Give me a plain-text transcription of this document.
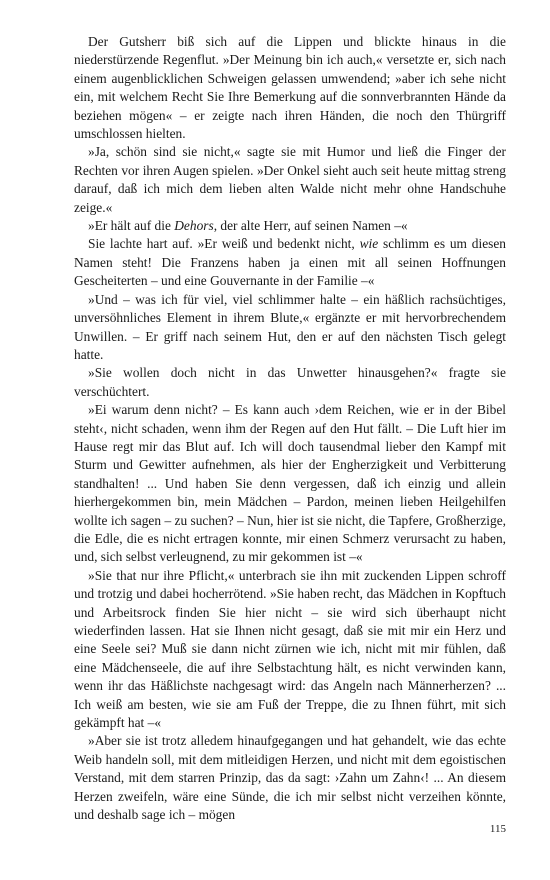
Der Gutsherr biß sich auf die Lippen und blickte hinaus in die niederstürzende Regenflut. »Der Meinung bin ich auch,« versetzte er, sich nach einem augenblicklichen Schweigen gelassen umwendend; »aber ich sehe nicht ein, mit welchem Recht Sie Ihre Bemerkung auf die sonnverbrannten Hände da beziehen mögen« – er zeigte nach ihren Händen, die noch den Thürgriff umschlossen hielten.

»Ja, schön sind sie nicht,« sagte sie mit Humor und ließ die Finger der Rechten vor ihren Augen spielen. »Der Onkel sieht auch seit heute mittag streng darauf, daß ich mich dem lieben alten Walde nicht mehr ohne Handschuhe zeige.«

»Er hält auf die Dehors, der alte Herr, auf seinen Namen –«

Sie lachte hart auf. »Er weiß und bedenkt nicht, wie schlimm es um diesen Namen steht! Die Franzens haben ja einen mit all seinen Hoffnungen Gescheiterten – und eine Gouvernante in der Familie –«

»Und – was ich für viel, viel schlimmer halte – ein häßlich rachsüchtiges, unversöhnliches Element in ihrem Blute,« ergänzte er mit hervorbrechendem Unwillen. – Er griff nach seinem Hut, den er auf den nächsten Tisch gelegt hatte.

»Sie wollen doch nicht in das Unwetter hinausgehen?« fragte sie verschüchtert.

»Ei warum denn nicht? – Es kann auch ›dem Reichen, wie er in der Bibel steht‹, nicht schaden, wenn ihm der Regen auf den Hut fällt. – Die Luft hier im Hause regt mir das Blut auf. Ich will doch tausendmal lieber den Kampf mit Sturm und Gewitter aufnehmen, als hier der Engherzigkeit und Verbitterung standhalten! ... Und haben Sie denn vergessen, daß ich einzig und allein hierhergekommen bin, mein Mädchen – Pardon, meinen lieben Heilgehilfen wollte ich sagen – zu suchen? – Nun, hier ist sie nicht, die Tapfere, Großherzige, die Edle, die es nicht ertragen konnte, mir einen Schmerz verursacht zu haben, und, sich selbst verleugnend, zu mir gekommen ist –«

»Sie that nur ihre Pflicht,« unterbrach sie ihn mit zuckenden Lippen schroff und trotzig und dabei hocherrötend. »Sie haben recht, das Mädchen in Kopftuch und Arbeitsrock finden Sie hier nicht – sie wird sich überhaupt nicht wiederfinden lassen. Hat sie Ihnen nicht gesagt, daß sie mit mir ein Herz und eine Seele sei? Muß sie dann nicht zürnen wie ich, nicht mit mir fühlen, daß eine Mädchenseele, die auf ihre Selbstachtung hält, es nicht verwinden kann, wenn ihr das Häßlichste nachgesagt wird: das Angeln nach Männerherzen? ... Ich weiß am besten, wie sie am Fuß der Treppe, die zu Ihnen führt, mit sich gekämpft hat –«

»Aber sie ist trotz alledem hinaufgegangen und hat gehandelt, wie das echte Weib handeln soll, mit dem mitleidigen Herzen, und nicht mit dem egoistischen Verstand, mit dem starren Prinzip, das da sagt: ›Zahn um Zahn‹! ... An diesem Herzen zweifeln, wäre eine Sünde, die ich mir selbst nicht verzeihen könnte, und deshalb sage ich – mögen

115
